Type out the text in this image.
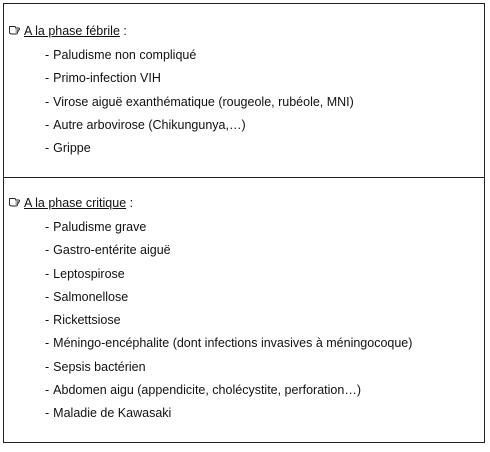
A la phase fébrile :
- Paludisme non compliqué
- Primo-infection VIH
- Virose aiguë exanthématique (rougeole, rubéole, MNI)
- Autre arbovirose (Chikungunya,…)
- Grippe
A la phase critique :
- Paludisme grave
- Gastro-entérite aiguë
- Leptospirose
- Salmonellose
- Rickettsiose
- Méningo-encéphalite (dont infections invasives à méningocoque)
- Sepsis bactérien
- Abdomen aigu (appendicite, cholécystite, perforation…)
- Maladie de Kawasaki
